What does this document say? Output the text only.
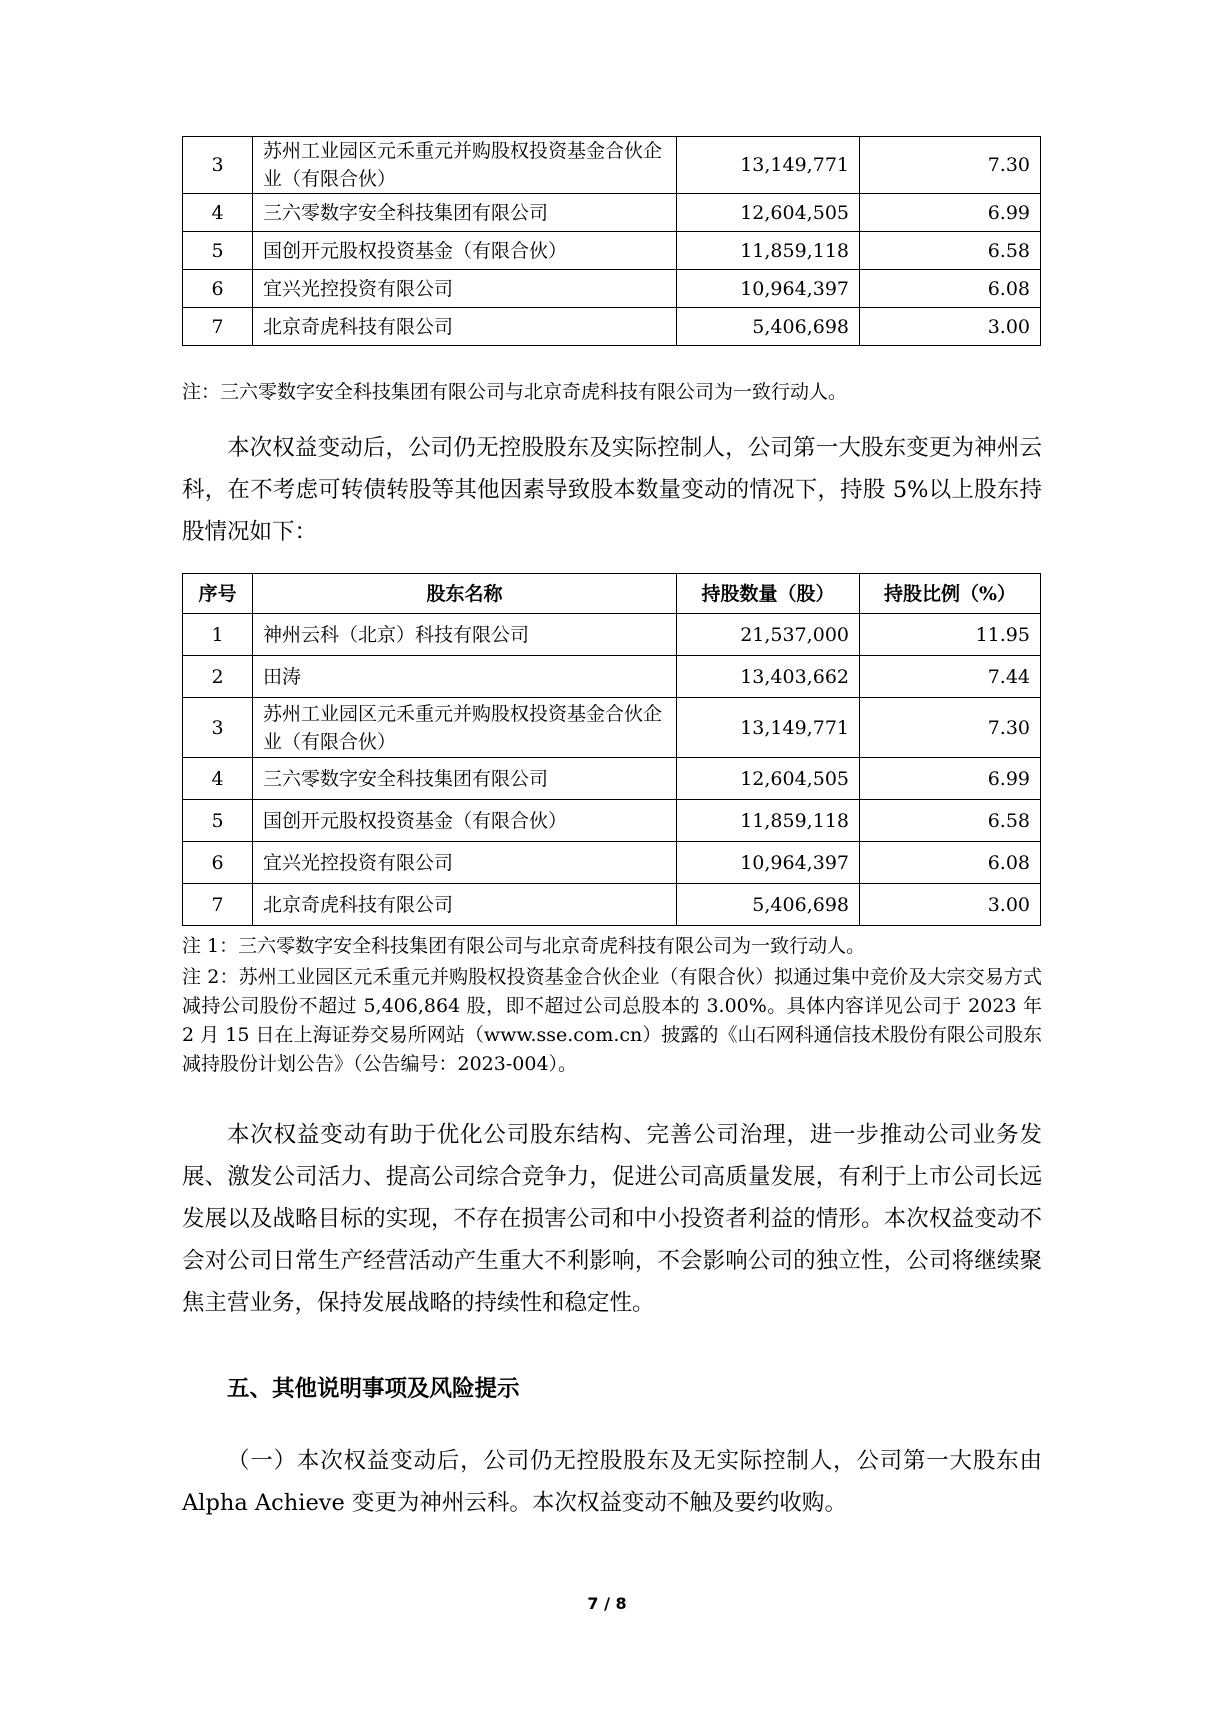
3	苏州工业园区元禾重元并购股权投资基金合伙企业（有限合伙）	13,149,771	7.30
4	三六零数字安全科技集团有限公司	12,604,505	6.99
5	国创开元股权投资基金（有限合伙）	11,859,118	6.58
6	宜兴光控投资有限公司	10,964,397	6.08
7	北京奇虎科技有限公司	5,406,698	3.00

注：三六零数字安全科技集团有限公司与北京奇虎科技有限公司为一致行动人。

本次权益变动后，公司仍无控股股东及实际控制人，公司第一大股东变更为神州云科，在不考虑可转债转股等其他因素导致股本数量变动的情况下，持股 5%以上股东持股情况如下：

序号	股东名称	持股数量（股）	持股比例（%）
1	神州云科（北京）科技有限公司	21,537,000	11.95
2	田涛	13,403,662	7.44
3	苏州工业园区元禾重元并购股权投资基金合伙企业（有限合伙）	13,149,771	7.30
4	三六零数字安全科技集团有限公司	12,604,505	6.99
5	国创开元股权投资基金（有限合伙）	11,859,118	6.58
6	宜兴光控投资有限公司	10,964,397	6.08
7	北京奇虎科技有限公司	5,406,698	3.00

注 1：三六零数字安全科技集团有限公司与北京奇虎科技有限公司为一致行动人。

注 2：苏州工业园区元禾重元并购股权投资基金合伙企业（有限合伙）拟通过集中竞价及大宗交易方式减持公司股份不超过 5,406,864 股，即不超过公司总股本的 3.00%。具体内容详见公司于 2023 年 2 月 15 日在上海证券交易所网站（www.sse.com.cn）披露的《山石网科通信技术股份有限公司股东减持股份计划公告》（公告编号：2023-004）。

本次权益变动有助于优化公司股东结构、完善公司治理，进一步推动公司业务发展、激发公司活力、提高公司综合竞争力，促进公司高质量发展，有利于上市公司长远发展以及战略目标的实现，不存在损害公司和中小投资者利益的情形。本次权益变动不会对公司日常生产经营活动产生重大不利影响，不会影响公司的独立性，公司将继续聚焦主营业务，保持发展战略的持续性和稳定性。

五、其他说明事项及风险提示

（一）本次权益变动后，公司仍无控股股东及无实际控制人，公司第一大股东由 Alpha Achieve 变更为神州云科。本次权益变动不触及要约收购。

7 / 8
